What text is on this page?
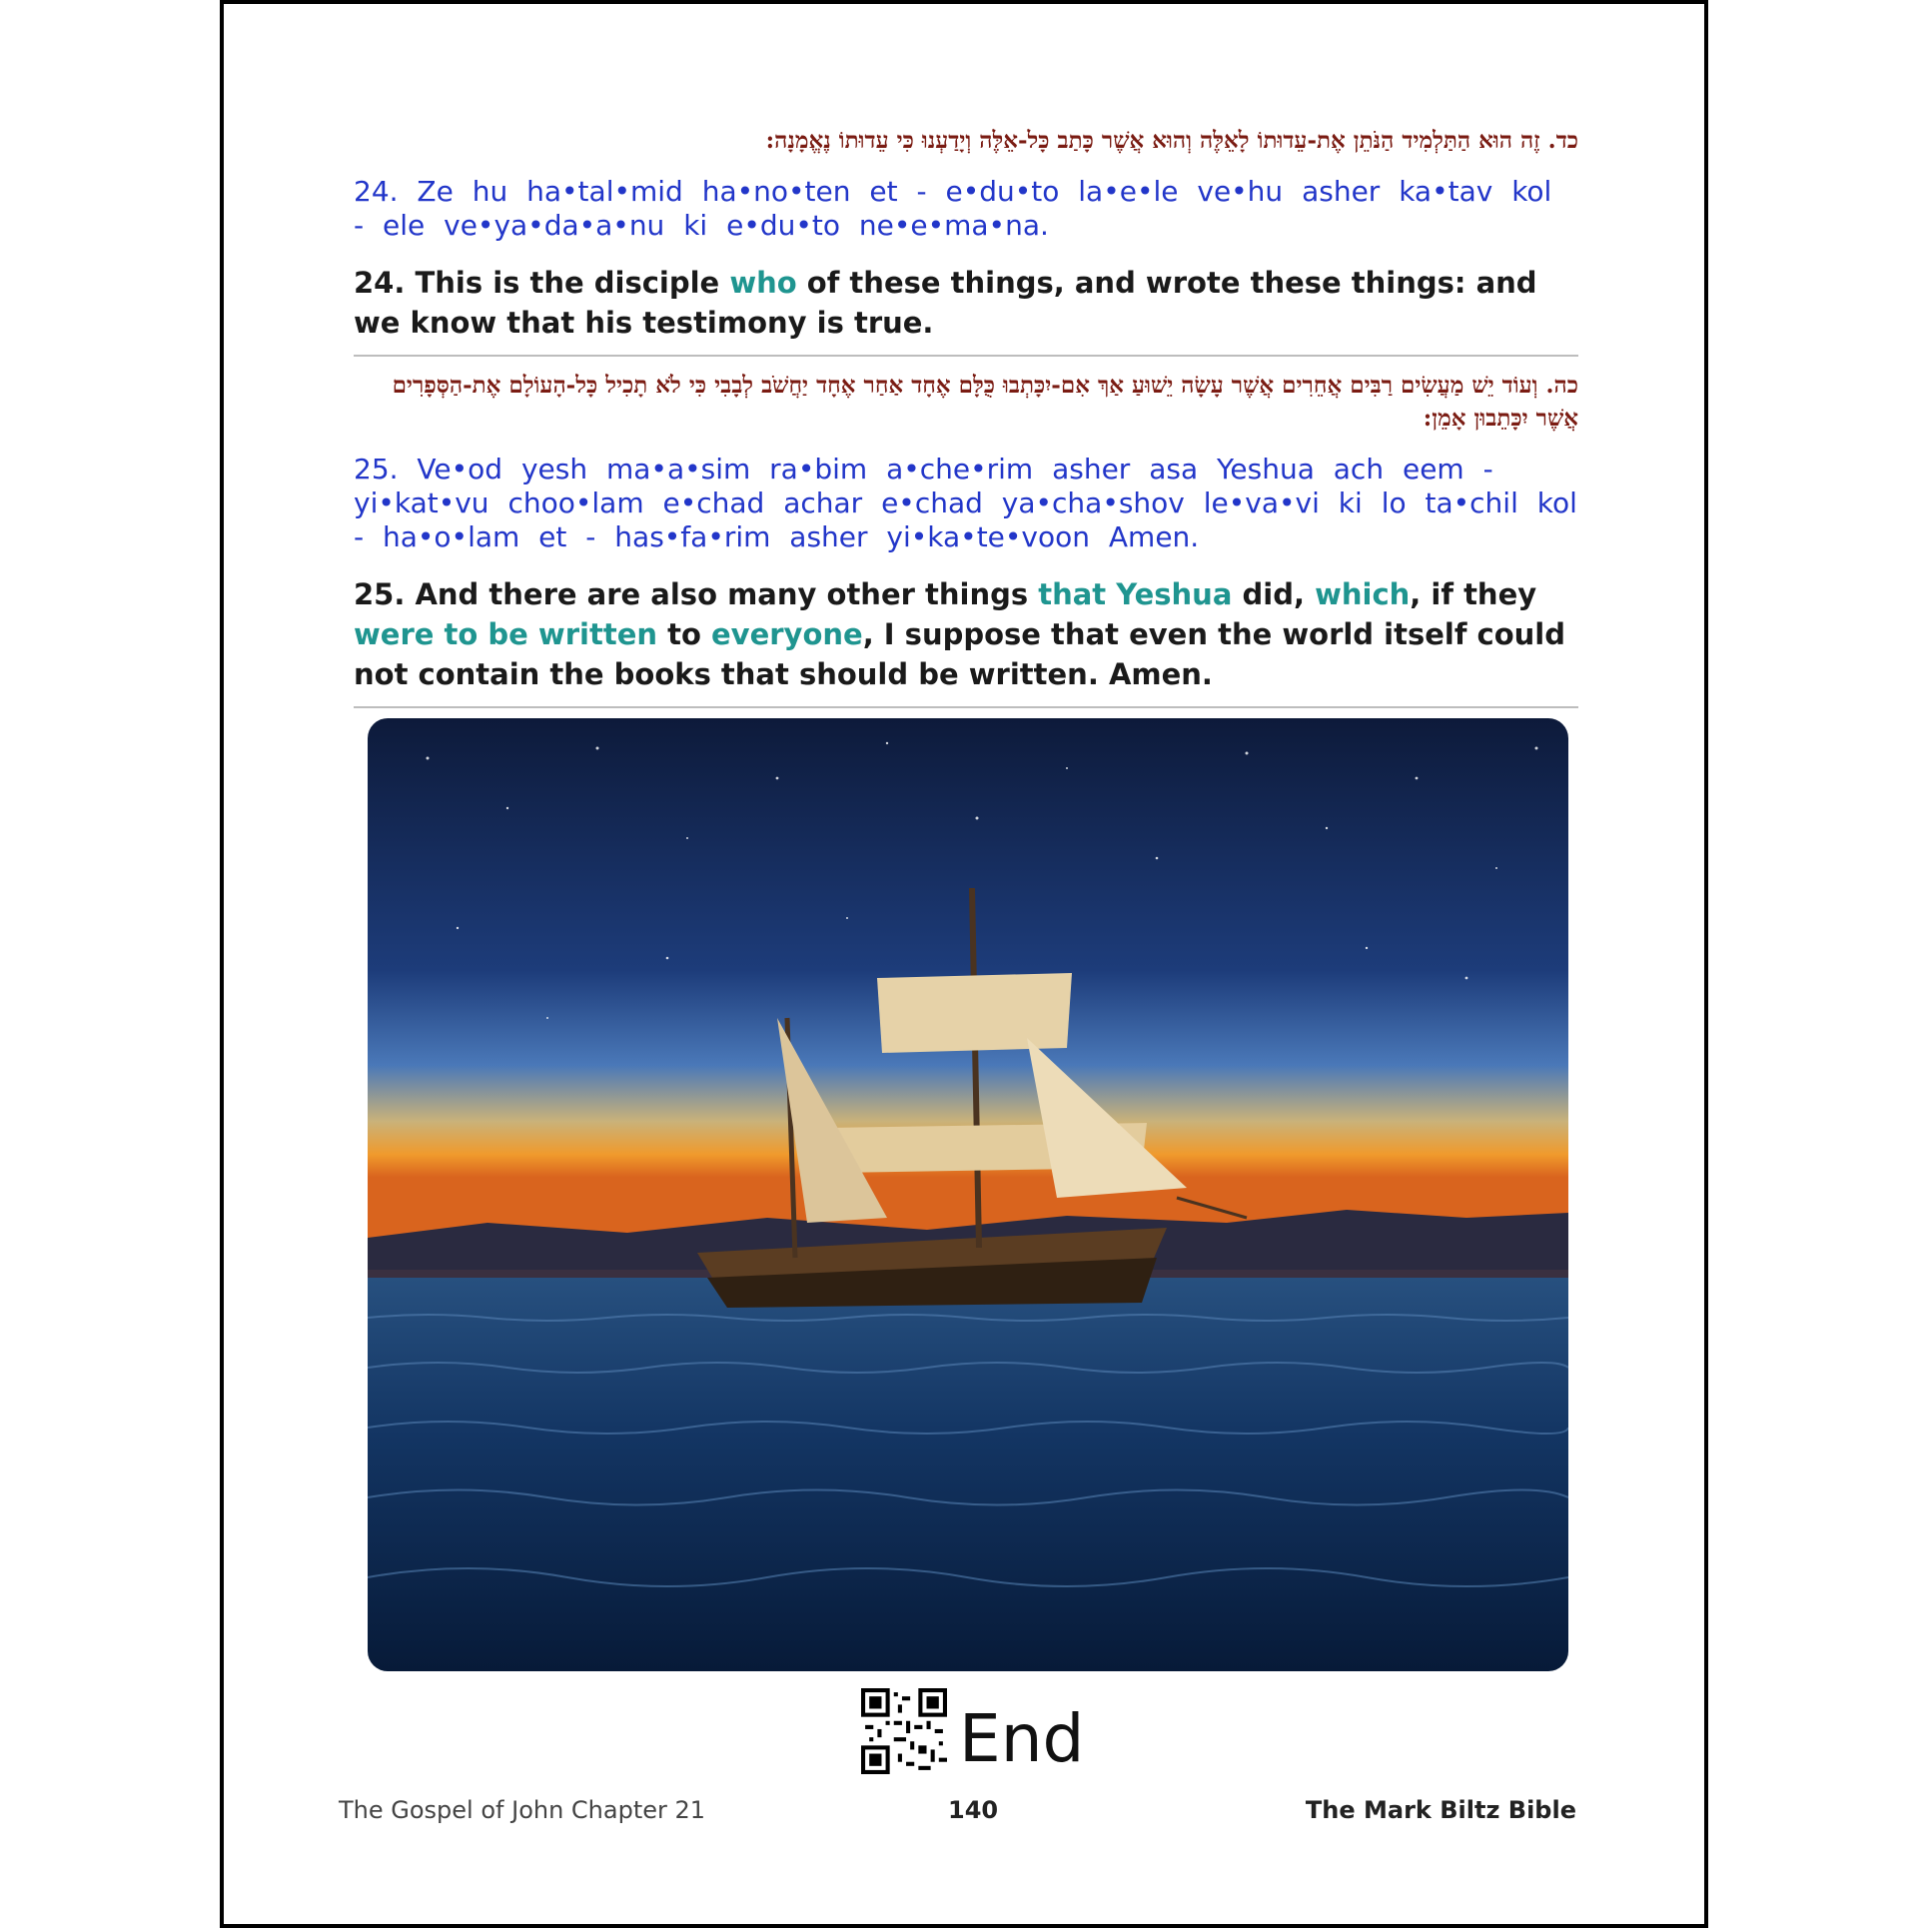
כד. זֶה הוּא הַתַּלְמִיד הַנֹּתֵן אֶת-עֵדוּתוֹ לָאֵלֶּה וְהוּא אֲשֶׁר כָּתַב כָּל-אֵלֶּה וְיָדַעְנוּ כִּי עֵדוּתוֹ נֶאֱמָנָה:

24. Ze hu ha•tal•mid ha•no•ten et - e•du•to la•e•le ve•hu asher ka•tav kol - ele ve•ya•da•a•nu ki e•du•to ne•e•ma•na.

24. This is the disciple who of these things, and wrote these things: and we know that his testimony is true.

כה. וְעוֹד יֵשׁ מַעֲשִׂים רַבִּים אֲחֵרִים אֲשֶׁר עָשָׂה יֵשׁוּעַ אַךְ אִם-יִכָּתְבוּ כֻּלָּם אֶחָד אַחַר אֶחָד יַחֲשֹׁב לְבָבִי כִּי לֹא תָכִיל כָּל-הָעוֹלָם אֶת-הַסְּפָרִים אֲשֶׁר יִכָּתֵבוּן אָמֵן:

25. Ve•od yesh ma•a•sim ra•bim a•che•rim asher asa Yeshua ach eem - yi•kat•vu choo•lam e•chad achar e•chad ya•cha•shov le•va•vi ki lo ta•chil kol - ha•o•lam et - has•fa•rim asher yi•ka•te•voon Amen.

25. And there are also many other things that Yeshua did, which, if they were to be written to everyone, I suppose that even the world itself could not contain the books that should be written. Amen.

End
The Gospel of John Chapter 21	140	The Mark Biltz Bible
